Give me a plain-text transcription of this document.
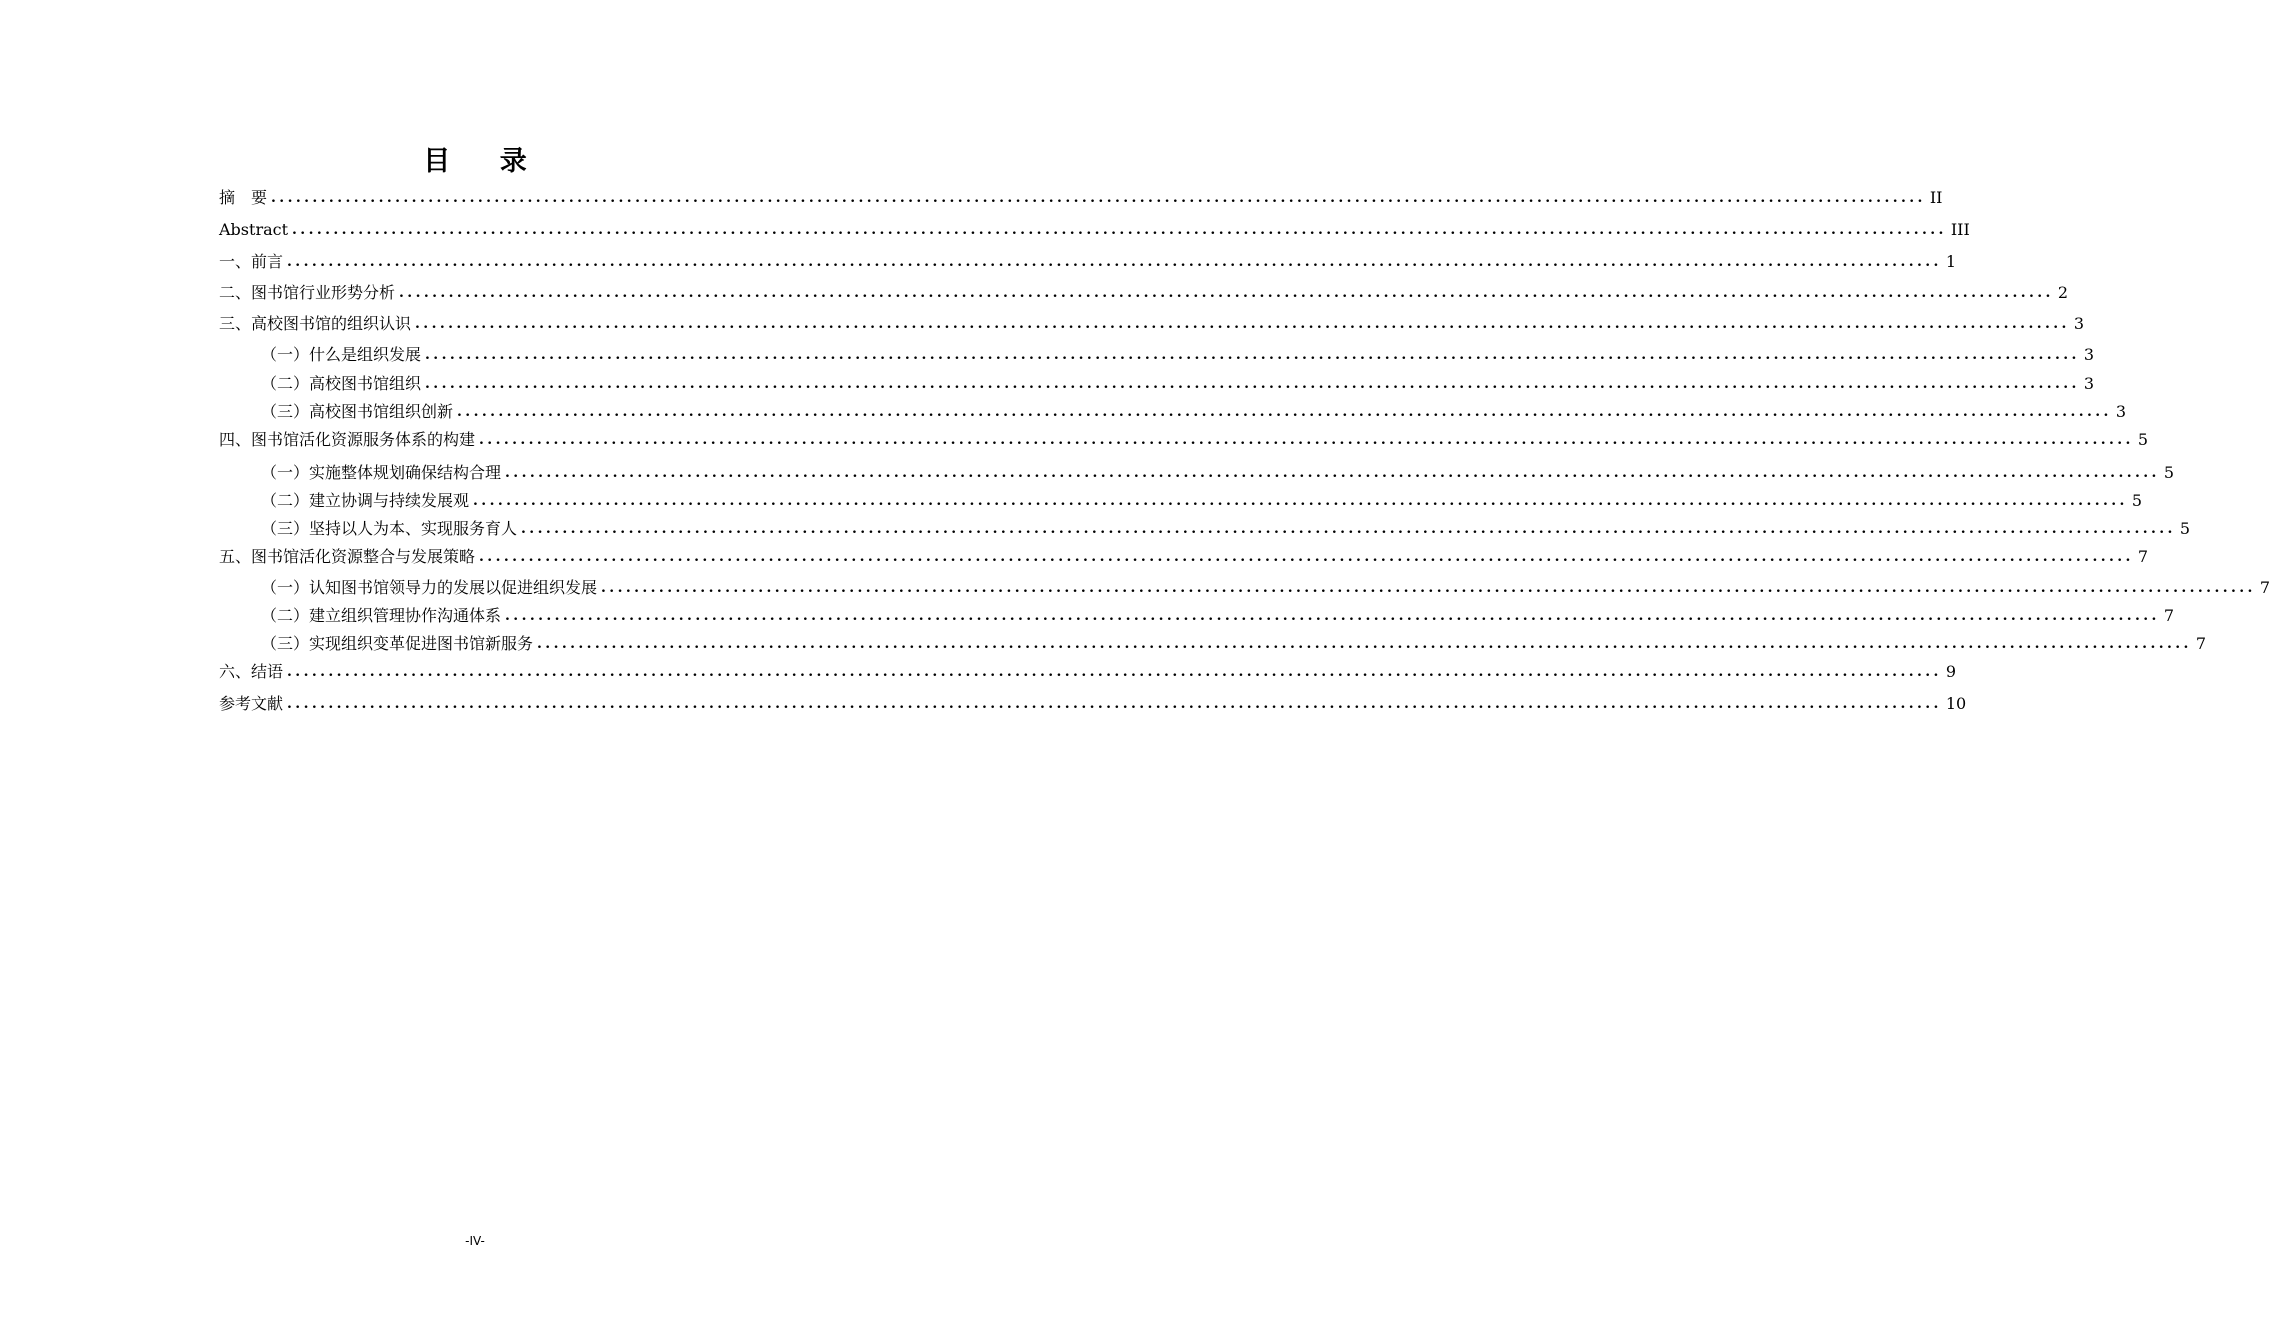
目 录
摘　要 ........................................................................................................................................................................................................ II
Abstract ........................................................................................................................................................................................................ III
一、前言 ........................................................................................................................................................................................................ 1
二、图书馆行业形势分析 ........................................................................................................................................................................................................ 2
三、高校图书馆的组织认识 ........................................................................................................................................................................................................ 3
（一）什么是组织发展 ........................................................................................................................................................................................................ 3
（二）高校图书馆组织 ........................................................................................................................................................................................................ 3
（三）高校图书馆组织创新 ........................................................................................................................................................................................................ 3
四、图书馆活化资源服务体系的构建 ........................................................................................................................................................................................................ 5
（一）实施整体规划确保结构合理 ........................................................................................................................................................................................................ 5
（二）建立协调与持续发展观 ........................................................................................................................................................................................................ 5
（三）坚持以人为本、实现服务育人 ........................................................................................................................................................................................................ 5
五、图书馆活化资源整合与发展策略 ........................................................................................................................................................................................................ 7
（一）认知图书馆领导力的发展以促进组织发展 ........................................................................................................................................................................................................ 7
（二）建立组织管理协作沟通体系 ........................................................................................................................................................................................................ 7
（三）实现组织变革促进图书馆新服务 ........................................................................................................................................................................................................ 7
六、结语 ........................................................................................................................................................................................................ 9
参考文献 ........................................................................................................................................................................................................ 10
-IV-
